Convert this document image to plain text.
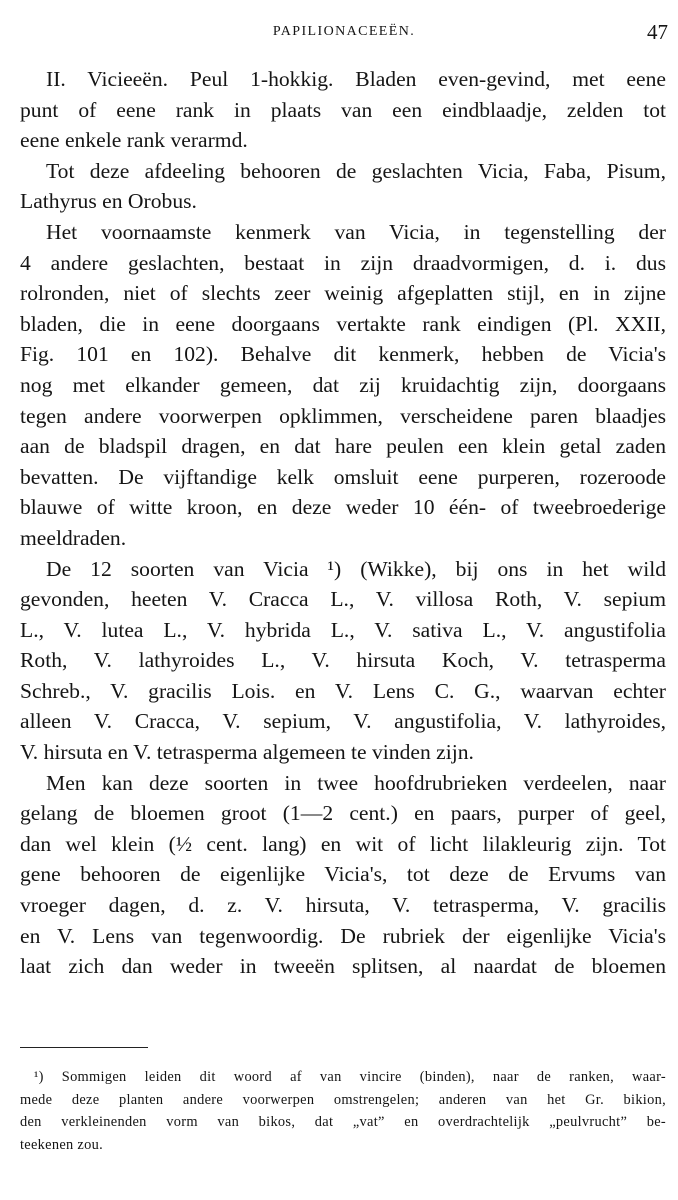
PAPILIONACEEËN.	47
II. Vicieeën. Peul 1-hokkig. Bladen even-gevind, met eene
punt of eene rank in plaats van een eindblaadje, zelden tot
eene enkele rank verarmd.
Tot deze afdeeling behooren de geslachten Vicia, Faba, Pisum,
Lathyrus en Orobus.
Het voornaamste kenmerk van Vicia, in tegenstelling der
4 andere geslachten, bestaat in zijn draadvormigen, d. i. dus
rolronden, niet of slechts zeer weinig afgeplatten stijl, en in zijne
bladen, die in eene doorgaans vertakte rank eindigen (Pl. XXII,
Fig. 101 en 102). Behalve dit kenmerk, hebben de Vicia's
nog met elkander gemeen, dat zij kruidachtig zijn, doorgaans
tegen andere voorwerpen opklimmen, verscheidene paren blaadjes
aan de bladspil dragen, en dat hare peulen een klein getal zaden
bevatten. De vijftandige kelk omsluit eene purperen, rozeroode
blauwe of witte kroon, en deze weder 10 één- of tweebroederige
meeldraden.
De 12 soorten van Vicia ¹) (Wikke), bij ons in het wild
gevonden, heeten V. Cracca L., V. villosa Roth, V. sepium
L., V. lutea L., V. hybrida L., V. sativa L., V. angustifolia
Roth, V. lathyroides L., V. hirsuta Koch, V. tetrasperma
Schreb., V. gracilis Lois. en V. Lens C. G., waarvan echter
alleen V. Cracca, V. sepium, V. angustifolia, V. lathyroides,
V. hirsuta en V. tetrasperma algemeen te vinden zijn.
Men kan deze soorten in twee hoofdrubrieken verdeelen, naar
gelang de bloemen groot (1—2 cent.) en paars, purper of geel,
dan wel klein (½ cent. lang) en wit of licht lilakleurig zijn. Tot
gene behooren de eigenlijke Vicia's, tot deze de Ervums van
vroeger dagen, d. z. V. hirsuta, V. tetrasperma, V. gracilis
en V. Lens van tegenwoordig. De rubriek der eigenlijke Vicia's
laat zich dan weder in tweeën splitsen, al naardat de bloemen
¹) Sommigen leiden dit woord af van vincire (binden), naar de ranken, waar-
mede deze planten andere voorwerpen omstrengelen; anderen van het Gr. bikion,
den verkleinenden vorm van bikos, dat „vat” en overdrachtelijk „peulvrucht” be-
teekenen zou.
